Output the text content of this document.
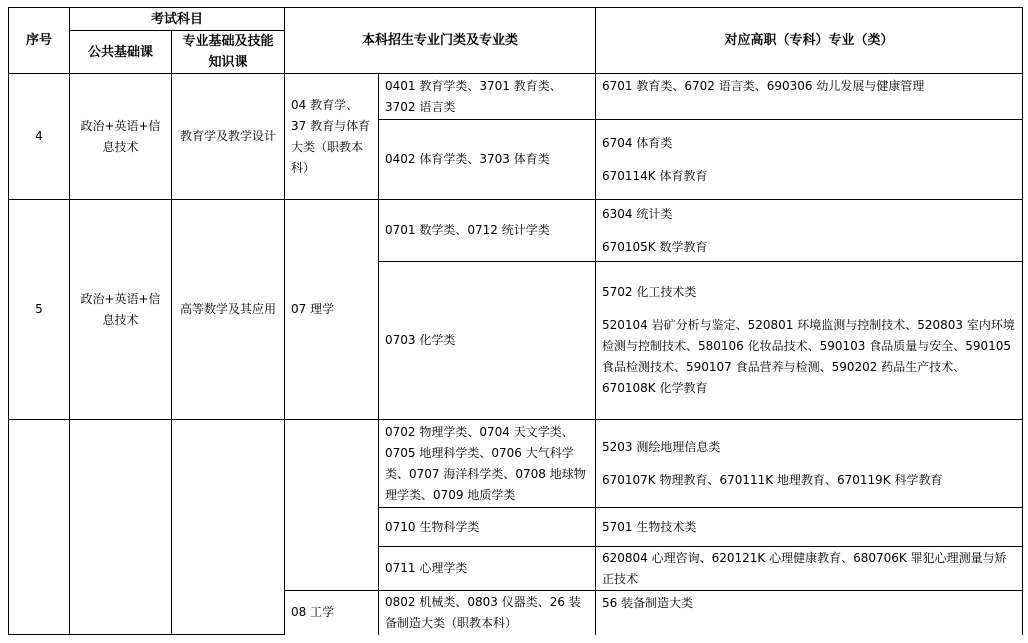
序号	考试科目		本科招生专业门类及专业类		对应高职（专科）专业（类）
	公共基础课	专业基础及技能知识课			
4	政治+英语+信息技术	教育学及教学设计	04 教育学、37 教育与体育大类（职教本科）	0401 教育学类、3701 教育类、3702 语言类	6701 教育类、6702 语言类、690306 幼儿发展与健康管理

				0402 体育学类、3703 体育类	6704 体育类
670114K 体育教育

5	政治+英语+信息技术	高等数学及其应用	07 理学	0701 数学类、0712 统计学类	6304 统计类
670105K 数学教育

				0703 化学类	5702 化工技术类
520104 岩矿分析与鉴定、520801 环境监测与控制技术、520803 室内环境检测与控制技术、580106 化妆品技术、590103 食品质量与安全、590105 食品检测技术、590107 食品营养与检测、590202 药品生产技术、670108K 化学教育

				0702 物理学类、0704 天文学类、0705 地理科学类、0706 大气科学类、0707 海洋科学类、0708 地球物理学类、0709 地质学类	5203 测绘地理信息类
670107K 物理教育、670111K 地理教育、670119K 科学教育

				0710 生物科学类	5701 生物技术类

				0711 心理学类	620804 心理咨询、620121K 心理健康教育、680706K 罪犯心理测量与矫正技术

			08 工学	0802 机械类、0803 仪器类、26 装备制造大类（职教本科）	56 装备制造大类
